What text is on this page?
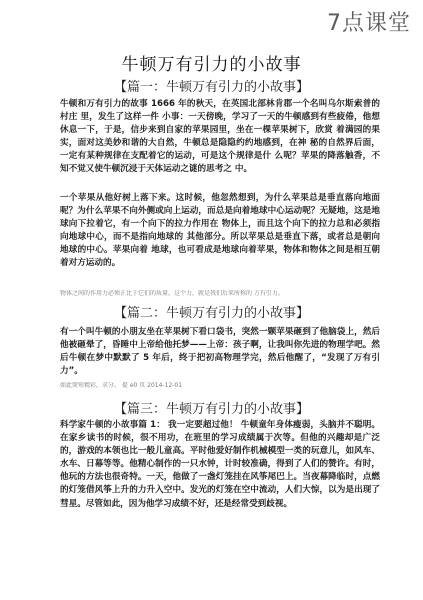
7点课堂
牛顿万有引力的小故事
【篇一：牛顿万有引力的小故事】
牛顿和万有引力的故事 1666 年的秋天，在英国北部林肯郡一个名叫乌尔斯索普的村庄 里，发生了这样一件 小事：一天傍晚，学习了一天的牛顿感到有些疲倦，他想休息一下，于是，信步来到自家的苹果园里，坐在一棵苹果树下，欣赏 着满园的果实，面对这美妙和谐的大自然，牛顿总是隐隐约约地感到，在神 秘的自然界后面，一定有某种规律在支配着它的运动，可是这个规律是什 么呢？苹果的降落触香，不知不觉又使牛顿沉浸于天体运动之谜的思考之 中。
一个苹果从他好树上落下来。这时候，他忽然想到，为什么苹果总是垂直落向地面呢？为什么苹果不向外侧或向上运动，而总是向着地球中心运动呢？无疑地，这是地球向下拉着它，有一个向下的拉力作用在 物体上，而且这个向下的拉力总和必须指向地球中心，而不是指向地球的 其他部分。所以苹果总是垂直下落，或者总是朝向地球的中心。苹果向着 地球，也可看成是地球向着苹果，物体和物体之间是相互朝着对方运动的。
物体之间的作用力必须正比于它们的质量，这个力，就是我们后来所称的 万有引力。
【篇二：牛顿万有引力的小故事】
有一个叫牛顿的小朋友坐在苹果树下看口袋书，突然一颗苹果砸到了他脑袋上，然后他被砸晕了，昏睡中上帝给他托梦——上帝：孩子啊，让我叫你先进的物理学吧。然后牛顿在梦中默默了 5 年后，终于把初高物理学完，然后他醒了，“发现了万有引力”。
如此简短精彩，求分。 提 e0 页 2014-12-01
【篇三：牛顿万有引力的小故事】
科学家牛顿的小故事篇 1： 我一定要超过他！ 牛顿童年身体瘦弱，头脑并不聪明。在家乡读书的时候，很不用功，在班里的学习成绩属于次等。但他的兴趣却是广泛的，游戏的本领也比一般儿童高。平时他爱好制作机械模型一类的玩意儿，如风车、水车、日幕等等。他精心制作的一只水钟，计时较准确，得到了人们的赞许。有时，他玩的方法也很奇特。一天，他做了一盏灯笼挂在风筝尾巴上。当夜幕降临时，点燃的灯笼借风筝上升的力升入空中。发光的灯笼在空中流动，人们大惊，以为是出现了彗星。尽管如此，因为他学习成绩不好，还是经常受到歧视。
